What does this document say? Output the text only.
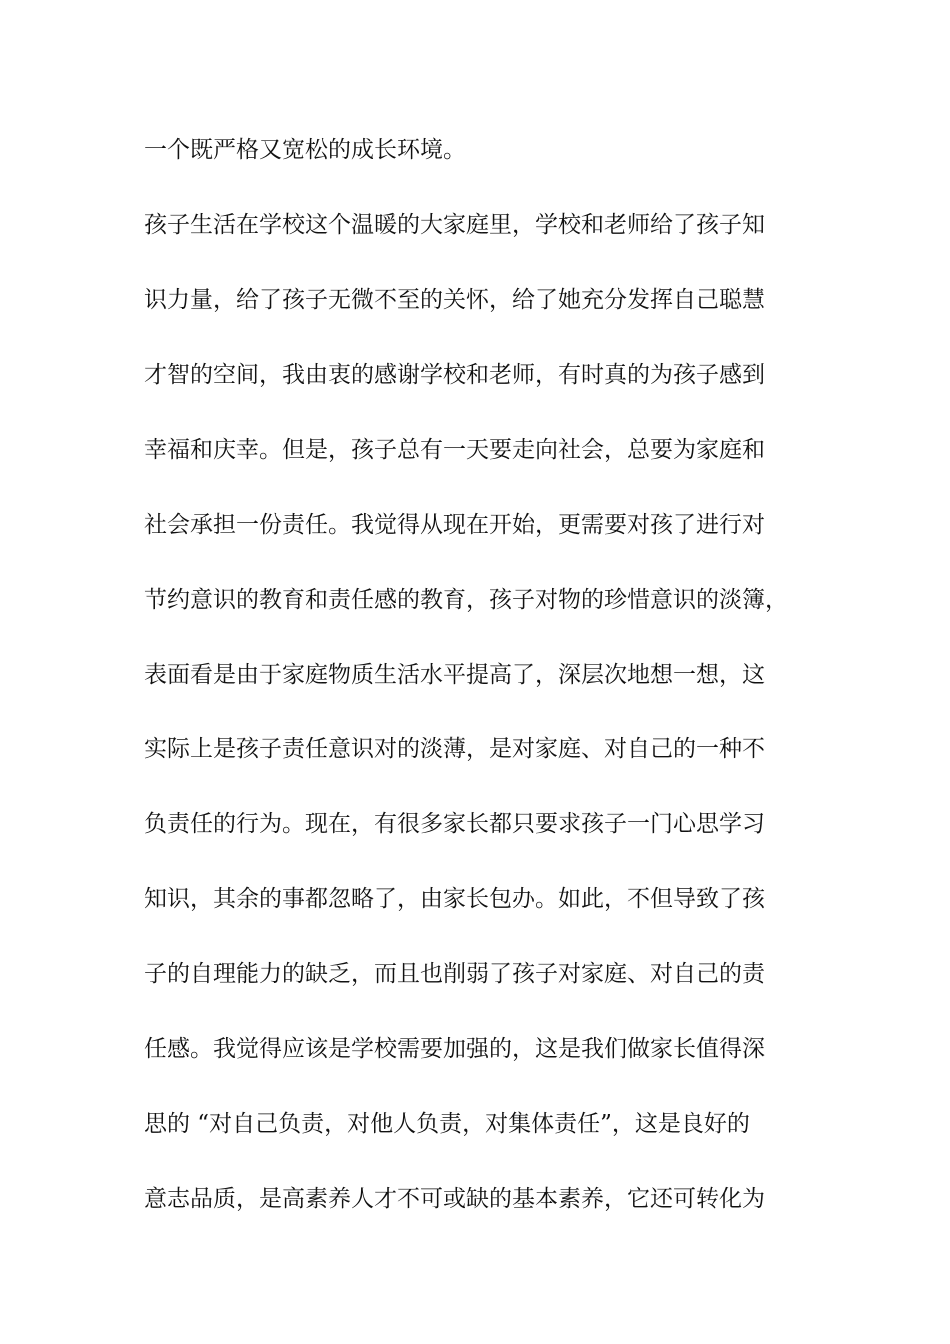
一个既严格又宽松的成长环境。
孩子生活在学校这个温暖的大家庭里，学校和老师给了孩子知
识力量，给了孩子无微不至的关怀，给了她充分发挥自己聪慧
才智的空间，我由衷的感谢学校和老师，有时真的为孩子感到
幸福和庆幸。但是，孩子总有一天要走向社会，总要为家庭和
社会承担一份责任。我觉得从现在开始，更需要对孩了进行对
节约意识的教育和责任感的教育，孩子对物的珍惜意识的淡簿，
表面看是由于家庭物质生活水平提高了，深层次地想一想，这
实际上是孩子责任意识对的淡薄，是对家庭、对自己的一种不
负责任的行为。现在，有很多家长都只要求孩子一门心思学习
知识，其余的事都忽略了，由家长包办。如此，不但导致了孩
子的自理能力的缺乏，而且也削弱了孩子对家庭、对自己的责
任感。我觉得应该是学校需要加强的，这是我们做家长值得深
思的 “对自己负责，对他人负责，对集体责任”，这是良好的
意志品质，是高素养人才不可或缺的基本素养，它还可转化为
